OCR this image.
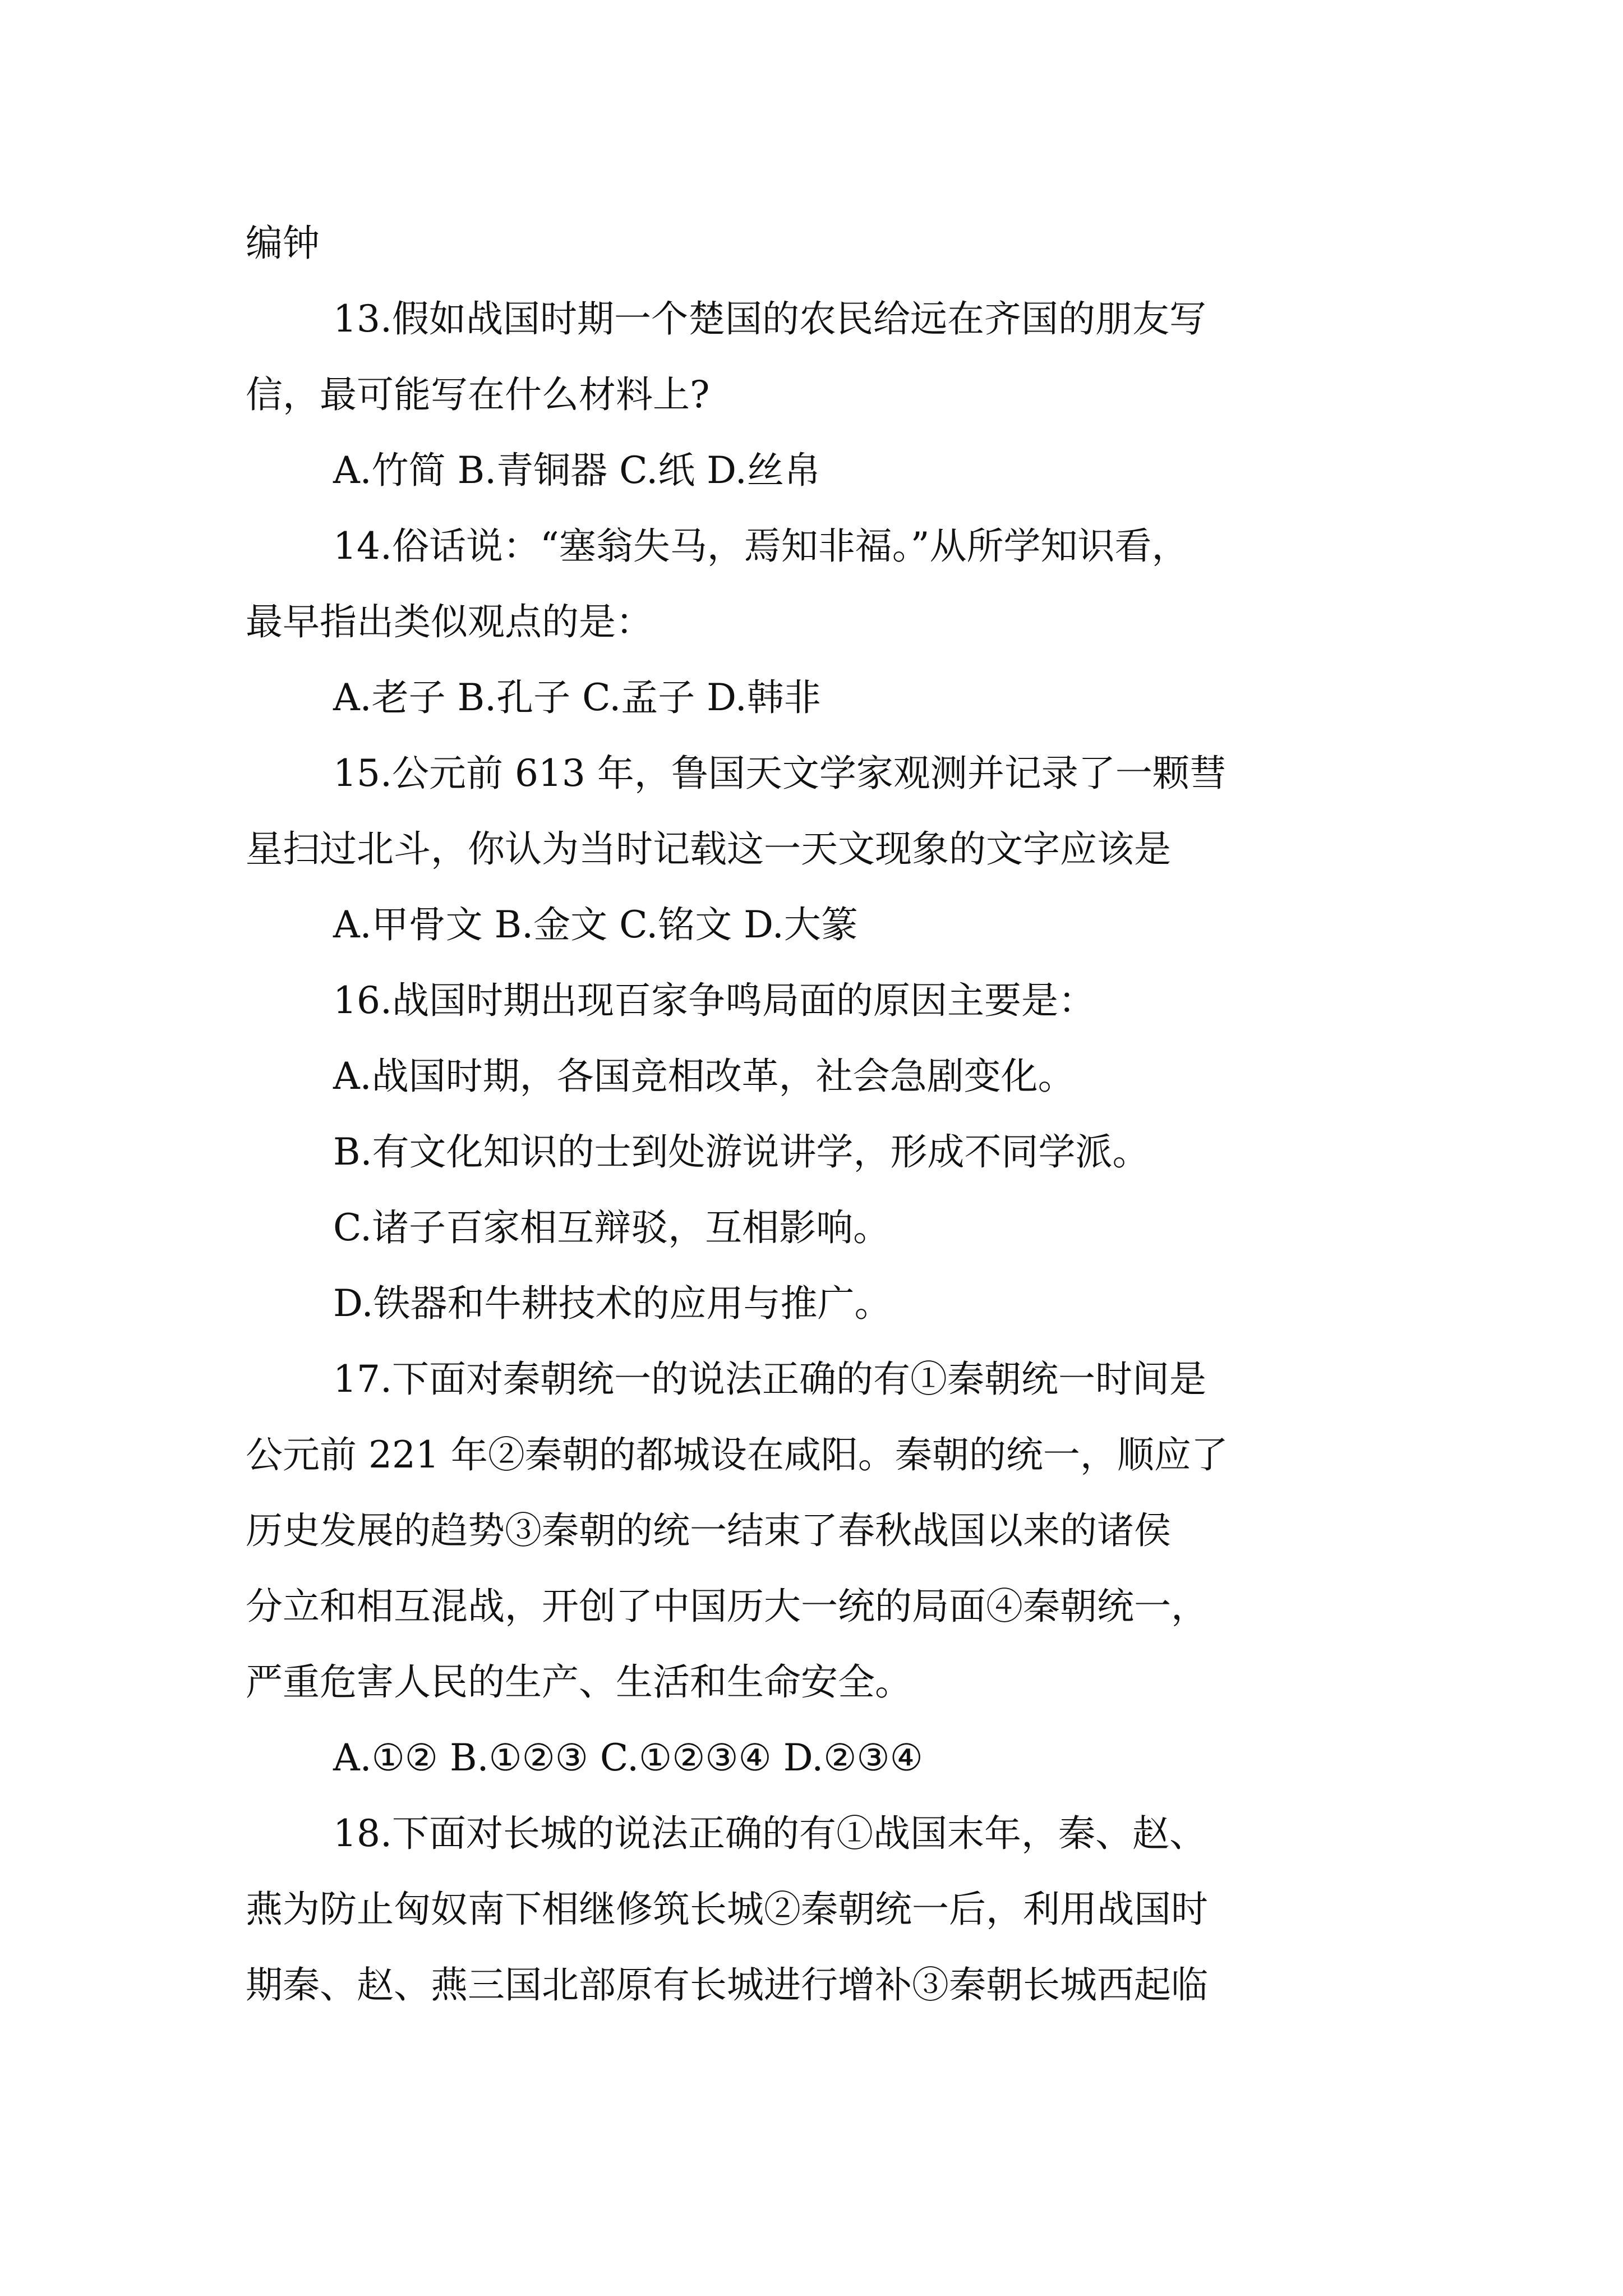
编钟
13.假如战国时期一个楚国的农民给远在齐国的朋友写
信，最可能写在什么材料上?
A.竹简 B.青铜器 C.纸 D.丝帛
14.俗话说：“塞翁失马，焉知非福。”从所学知识看，
最早指出类似观点的是：
A.老子 B.孔子 C.孟子 D.韩非
15.公元前 613 年，鲁国天文学家观测并记录了一颗彗
星扫过北斗，你认为当时记载这一天文现象的文字应该是
A.甲骨文 B.金文 C.铭文 D.大篆
16.战国时期出现百家争鸣局面的原因主要是：
A.战国时期，各国竞相改革，社会急剧变化。
B.有文化知识的士到处游说讲学，形成不同学派。
C.诸子百家相互辩驳，互相影响。
D.铁器和牛耕技术的应用与推广。
17.下面对秦朝统一的说法正确的有①秦朝统一时间是
公元前 221 年②秦朝的都城设在咸阳。秦朝的统一，顺应了
历史发展的趋势③秦朝的统一结束了春秋战国以来的诸侯
分立和相互混战，开创了中国历大一统的局面④秦朝统一，
严重危害人民的生产、生活和生命安全。
A.①② B.①②③ C.①②③④ D.②③④
18.下面对长城的说法正确的有①战国末年，秦、赵、
燕为防止匈奴南下相继修筑长城②秦朝统一后，利用战国时
期秦、赵、燕三国北部原有长城进行增补③秦朝长城西起临
